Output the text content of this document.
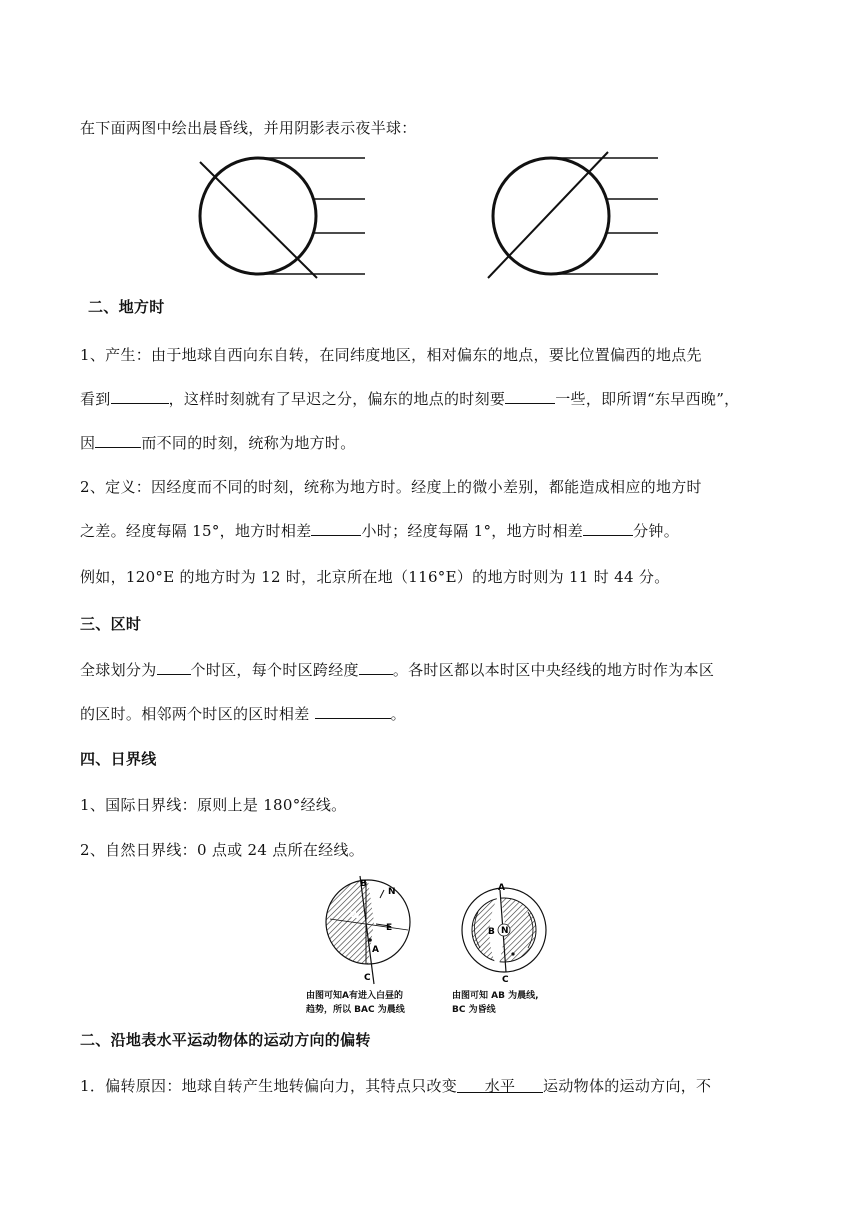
在下面两图中绘出晨昏线，并用阴影表示夜半球：
二、地方时
1、产生：由于地球自西向东自转，在同纬度地区，相对偏东的地点，要比位置偏西的地点先
看到	，这样时刻就有了早迟之分，偏东的地点的时刻要	一些，即所谓“东早西晚”，
因	而不同的时刻，统称为地方时。
2、定义：因经度而不同的时刻，统称为地方时。经度上的微小差别，都能造成相应的地方时
之差。经度每隔 15°，地方时相差	小时；经度每隔 1°，地方时相差	分钟。
例如，120°E 的地方时为 12 时，北京所在地（116°E）的地方时则为 11 时 44 分。
三、区时
全球划分为 个时区，每个时区跨经度 。各时区都以本时区中央经线的地方时作为本区
的区时。相邻两个时区的区时相差	。
四、日界线
1、国际日界线：原则上是 180°经线。
2、自然日界线：0 点或 24 点所在经线。
B
N
W
E
A
C
A
B N
C
由图可知A有进入白昼的
趋势，所以 BAC 为晨线
由图可知 AB 为晨线,
BC 为昏线
二、沿地表水平运动物体的运动方向的偏转
1．偏转原因：地球自转产生地转偏向力，其特点只改变 水平 运动物体的运动方向，不
